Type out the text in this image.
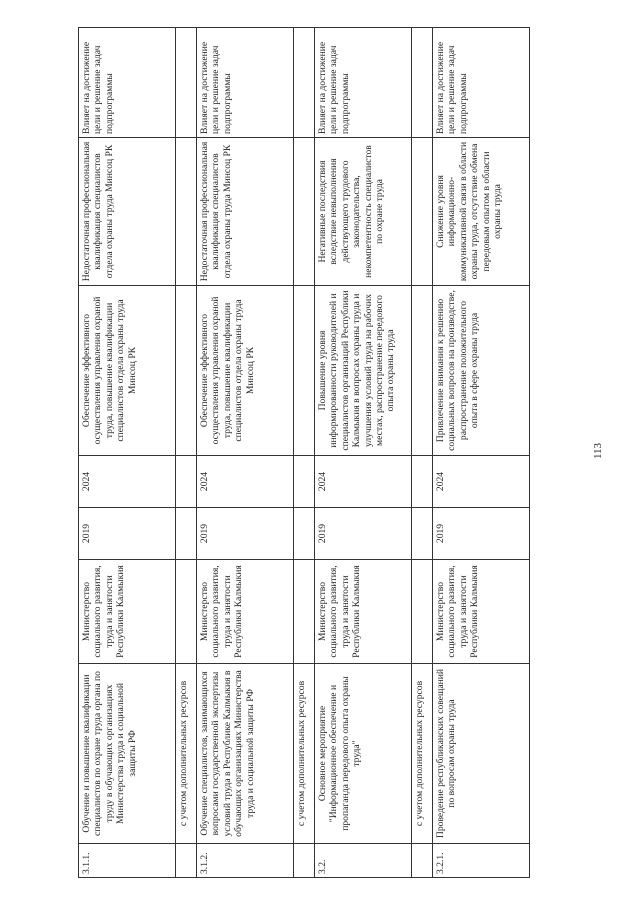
3.1.1.	Обучение и повышение квалификации специалистов по охране труда органа по труду в обучающих организациях Министерства труда и социальной защиты РФ	Министерство социального развития, труда и занятости Республики Калмыкия	2019	2024	Обеспечение эффективного осуществления управления охраной труда, повышение квалификации специалистов отдела охраны труда Минсоц РК	Недостаточная профессиональная квалификация специалистов отдела охраны труда Минсоц РК	Влияет на достижение цели и решение задач подпрограммы
	с учетом дополнительных ресурсов						
3.1.2.	Обучение специалистов, занимающихся вопросами государственной экспертизы условий труда в Республике Калмыкия в обучающих организациях Министерства труда и социальной защиты РФ	Министерство социального развития, труда и занятости Республики Калмыкия	2019	2024	Обеспечение эффективного осуществления управления охраной труда, повышение квалификации специалистов отдела охраны труда Минсоц РК	Недостаточная профессиональная квалификация специалистов отдела охраны труда Минсоц РК	Влияет на достижение цели и решение задач подпрограммы
	с учетом дополнительных ресурсов						
3.2.	Основное мероприятие "Информационное обеспечение и пропаганда передового опыта охраны труда"	Министерство социального развития, труда и занятости Республики Калмыкия	2019	2024	Повышение уровня информированности руководителей и специалистов организаций Республики Калмыкия в вопросах охраны труда и улучшения условий труда на рабочих местах, распространение передового опыта охраны труда	Негативные последствия вследствие невыполнения действующего трудового законодательства, некомпетентность специалистов по охране труда	Влияет на достижение цели и решение задач подпрограммы
	с учетом дополнительных ресурсов						
3.2.1.	Проведение республиканских совещаний по вопросам охраны труда	Министерство социального развития, труда и занятости Республики Калмыкия	2019	2024	Привлечение внимания к решению социальных вопросов на производстве, распространение положительного опыта в сфере охраны труда	Снижение уровня информационно-коммуникативной связи в области охраны труда, отсутствие обмена передовым опытом в области охраны труда	Влияет на достижение цели и решение задач подпрограммы
113
